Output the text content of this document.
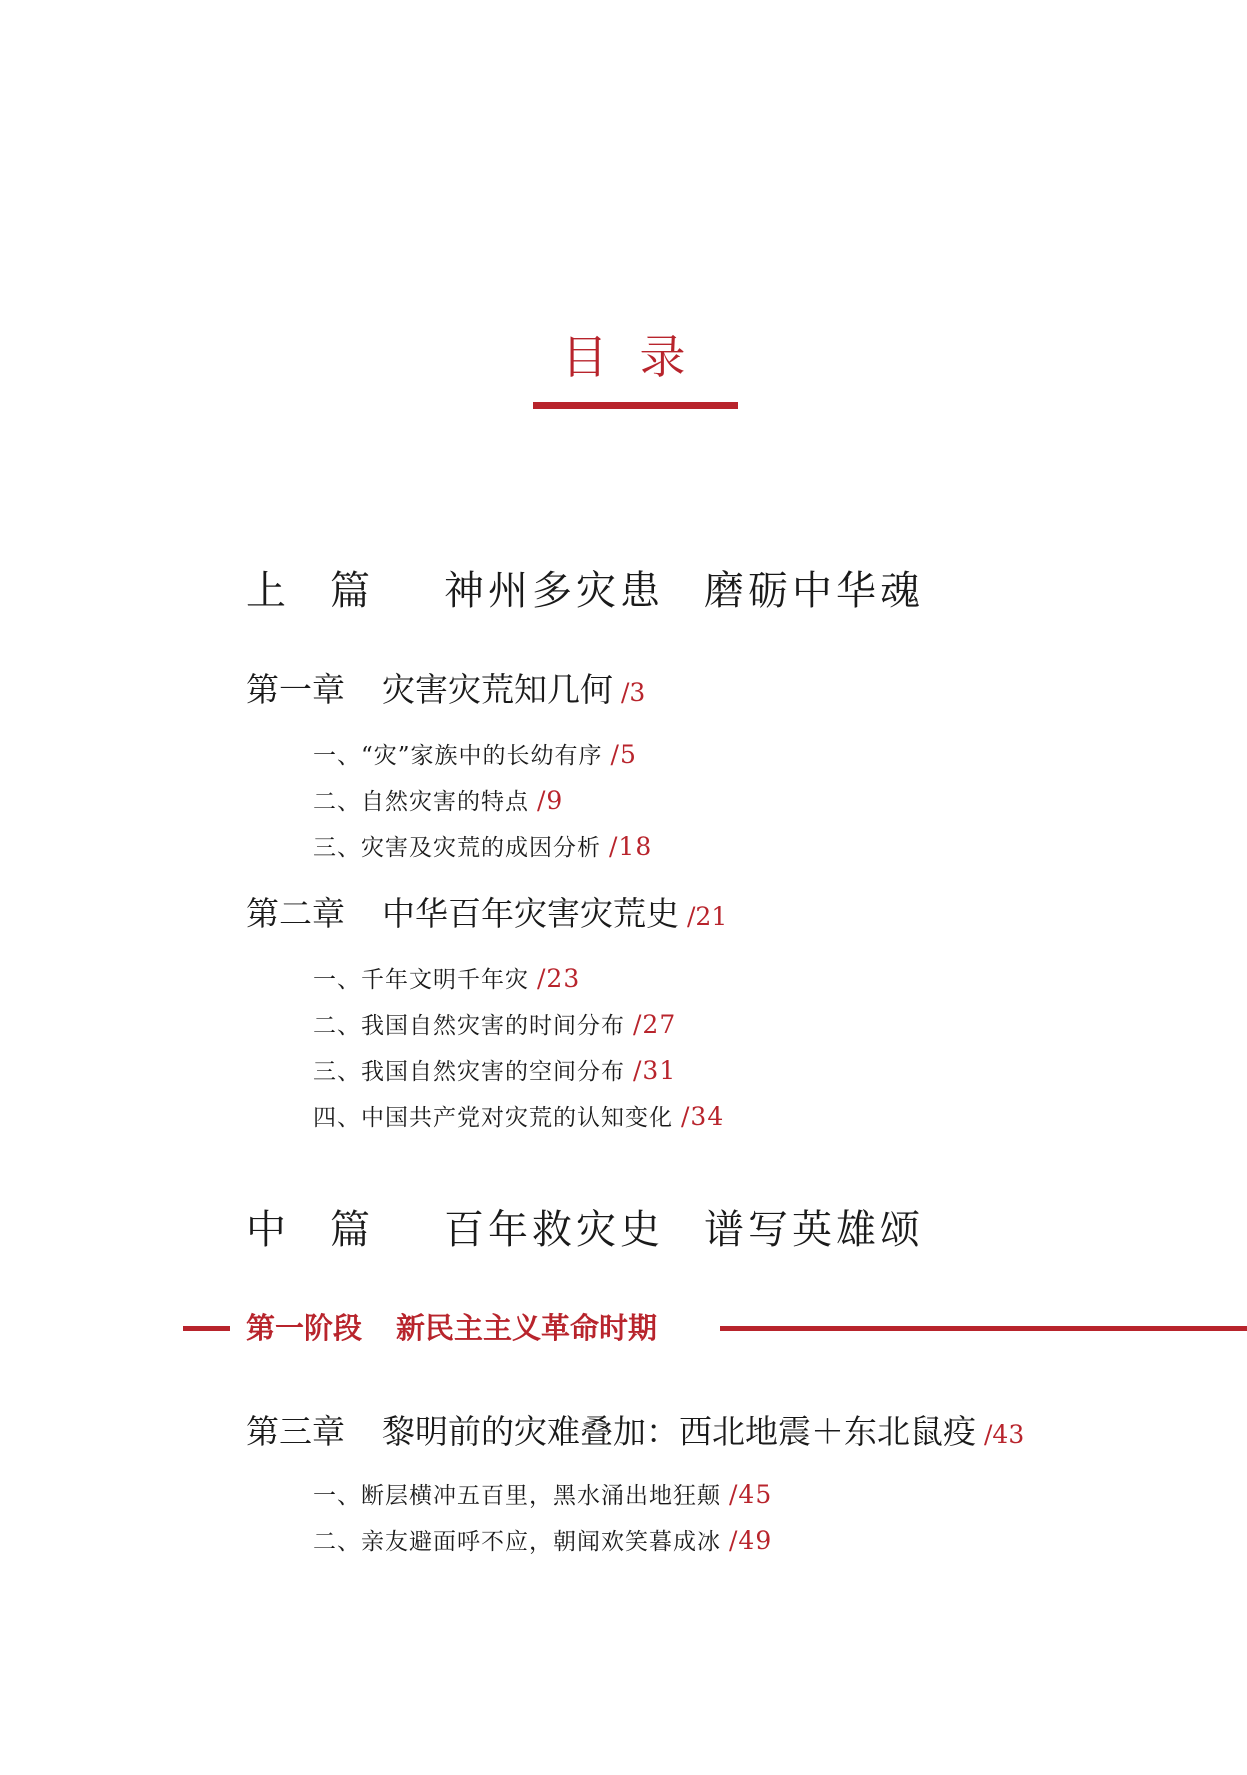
目录
上篇 神州多灾患 磨砺中华魂
第一章 灾害灾荒知几何 /3
一、“灾”家族中的长幼有序 /5
二、自然灾害的特点 /9
三、灾害及灾荒的成因分析 /18
第二章 中华百年灾害灾荒史 /21
一、千年文明千年灾 /23
二、我国自然灾害的时间分布 /27
三、我国自然灾害的空间分布 /31
四、中国共产党对灾荒的认知变化 /34
中篇 百年救灾史 谱写英雄颂
第一阶段 新民主主义革命时期
第三章 黎明前的灾难叠加：西北地震＋东北鼠疫 /43
一、断层横冲五百里，黑水涌出地狂颠 /45
二、亲友避面呼不应，朝闻欢笑暮成冰 /49
